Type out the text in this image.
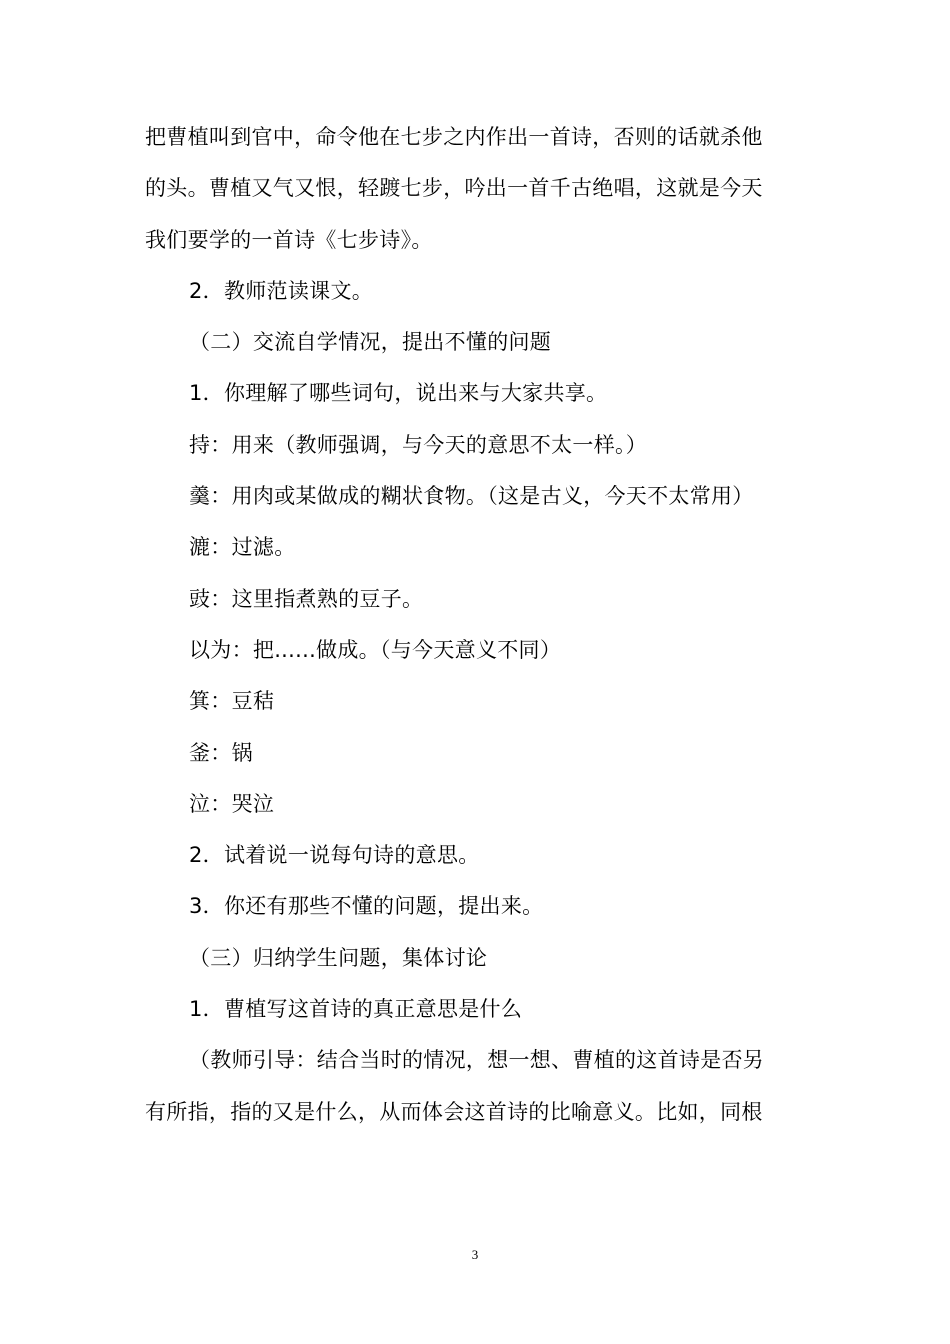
把曹植叫到官中，命令他在七步之内作出一首诗，否则的话就杀他
的头。曹植又气又恨，轻踱七步，吟出一首千古绝唱，这就是今天
我们要学的一首诗《七步诗》。
2．教师范读课文。
（二）交流自学情况，提出不懂的问题
1．你理解了哪些词句，说出来与大家共享。
持：用来（教师强调，与今天的意思不太一样。）
羹：用肉或某做成的糊状食物。（这是古义，今天不太常用）
漉：过滤。
豉：这里指煮熟的豆子。
以为：把......做成。（与今天意义不同）
箕：豆秸
釜：锅
泣：哭泣
2．试着说一说每句诗的意思。
3．你还有那些不懂的问题，提出来。
（三）归纳学生问题，集体讨论
1．曹植写这首诗的真正意思是什么
（教师引导：结合当时的情况，想一想、曹植的这首诗是否另
有所指，指的又是什么，从而体会这首诗的比喻意义。比如，同根
3
